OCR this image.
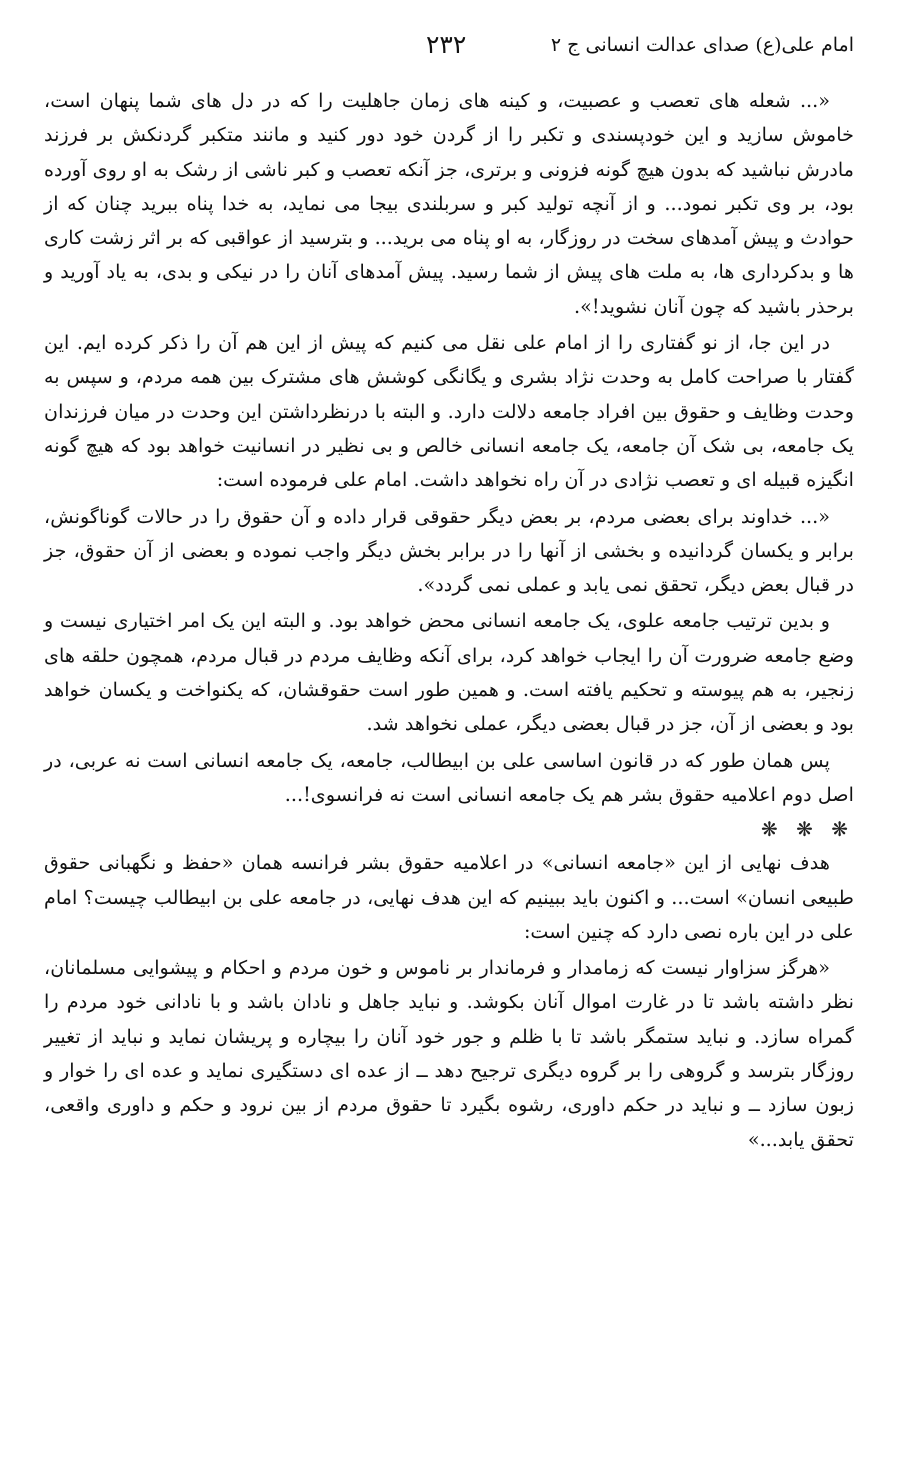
امام علی(ع) صدای عدالت انسانی ج ۲
۲۳۲

«... شعله های تعصب و عصبیت، و کینه های زمان جاهلیت را که در دل های شما پنهان است، خاموش سازید و این خودپسندی و تکبر را از گردن خود دور کنید و مانند متکبر گردنکش بر فرزند مادرش نباشید که بدون هیچ گونه فزونی و برتری، جز آنکه تعصب و کبر ناشی از رشک به او روی آورده بود، بر وی تکبر نمود... و از آنچه تولید کبر و سربلندی بیجا می نماید، به خدا پناه ببرید چنان که از حوادث و پیش آمدهای سخت در روزگار، به او پناه می برید... و بترسید از عواقبی که بر اثر زشت کاری ها و بدکرداری ها، به ملت های پیش از شما رسید. پیش آمدهای آنان را در نیکی و بدی، به یاد آورید و برحذر باشید که چون آنان نشوید!».

در این جا، از نو گفتاری را از امام علی نقل می کنیم که پیش از این هم آن را ذکر کرده ایم. این گفتار با صراحت کامل به وحدت نژاد بشری و یگانگی کوشش های مشترک بین همه مردم، و سپس به وحدت وظایف و حقوق بین افراد جامعه دلالت دارد. و البته با درنظرداشتن این وحدت در میان فرزندان یک جامعه، بی شک آن جامعه، یک جامعه انسانی خالص و بی نظیر در انسانیت خواهد بود که هیچ گونه انگیزه قبیله ای و تعصب نژادی در آن راه نخواهد داشت. امام علی فرموده است:

«... خداوند برای بعضی مردم، بر بعض دیگر حقوقی قرار داده و آن حقوق را در حالات گوناگونش، برابر و یکسان گردانیده و بخشی از آنها را در برابر بخش دیگر واجب نموده و بعضی از آن حقوق، جز در قبال بعض دیگر، تحقق نمی یابد و عملی نمی گردد».

و بدین ترتیب جامعه علوی، یک جامعه انسانی محض خواهد بود. و البته این یک امر اختیاری نیست و وضع جامعه ضرورت آن را ایجاب خواهد کرد، برای آنکه وظایف مردم در قبال مردم، همچون حلقه های زنجیر، به هم پیوسته و تحکیم یافته است. و همین طور است حقوقشان، که یکنواخت و یکسان خواهد بود و بعضی از آن، جز در قبال بعضی دیگر، عملی نخواهد شد.

پس همان طور که در قانون اساسی علی بن ابیطالب، جامعه، یک جامعه انسانی است نه عربی، در اصل دوم اعلامیه حقوق بشر هم یک جامعه انسانی است نه فرانسوی!...

❋ ❋ ❋

هدف نهایی از این «جامعه انسانی» در اعلامیه حقوق بشر فرانسه همان «حفظ و نگهبانی حقوق طبیعی انسان» است... و اکنون باید ببینیم که این هدف نهایی، در جامعه علی بن ابیطالب چیست؟ امام علی در این باره نصی دارد که چنین است:

«هرگز سزاوار نیست که زمامدار و فرماندار بر ناموس و خون مردم و احکام و پیشوایی مسلمانان، نظر داشته باشد تا در غارت اموال آنان بکوشد. و نباید جاهل و نادان باشد و با نادانی خود مردم را گمراه سازد. و نباید ستمگر باشد تا با ظلم و جور خود آنان را بیچاره و پریشان نماید و نباید از تغییر روزگار بترسد و گروهی را بر گروه دیگری ترجیح دهد ــ از عده ای دستگیری نماید و عده ای را خوار و زبون سازد ــ و نباید در حکم داوری، رشوه بگیرد تا حقوق مردم از بین نرود و حکم و داوری واقعی، تحقق یابد...»
